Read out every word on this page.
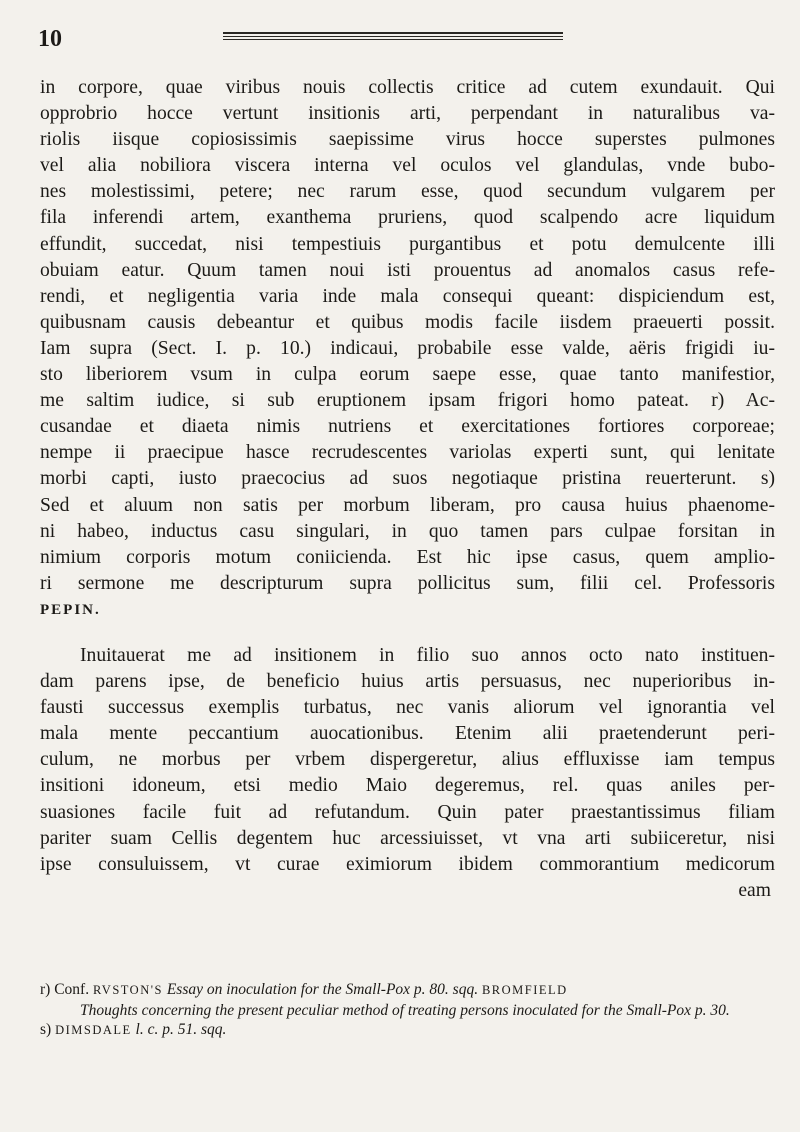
10

in corpore, quae viribus nouis collectis critice ad cutem exundauit. Qui
opprobrio hocce vertunt insitionis arti, perpendant in naturalibus va-
riolis iisque copiosissimis saepissime virus hocce superstes pulmones
vel alia nobiliora viscera interna vel oculos vel glandulas, vnde bubo-
nes molestissimi, petere; nec rarum esse, quod secundum vulgarem per
fila inferendi artem, exanthema pruriens, quod scalpendo acre liquidum
effundit, succedat, nisi tempestiuis purgantibus et potu demulcente illi
obuiam eatur. Quum tamen noui isti prouentus ad anomalos casus refe-
rendi, et negligentia varia inde mala consequi queant: dispiciendum est,
quibusnam causis debeantur et quibus modis facile iisdem praeuerti possit.
Iam supra (Sect. I. p. 10.) indicaui, probabile esse valde, aëris frigidi iu-
sto liberiorem vsum in culpa eorum saepe esse, quae tanto manifestior,
me saltim iudice, si sub eruptionem ipsam frigori homo pateat. r) Ac-
cusandae et diaeta nimis nutriens et exercitationes fortiores corporeae;
nempe ii praecipue hasce recrudescentes variolas experti sunt, qui lenitate
morbi capti, iusto praecocius ad suos negotiaque pristina reuerterunt. s)
Sed et aluum non satis per morbum liberam, pro causa huius phaenome-
ni habeo, inductus casu singulari, in quo tamen pars culpae forsitan in
nimium corporis motum coniicienda. Est hic ipse casus, quem amplio-
ri sermone me descripturum supra pollicitus sum, filii cel. Professoris
PEPIN.

Inuitauerat me ad insitionem in filio suo annos octo nato instituen-
dam parens ipse, de beneficio huius artis persuasus, nec nuperioribus in-
fausti successus exemplis turbatus, nec vanis aliorum vel ignorantia vel
mala mente peccantium auocationibus. Etenim alii praetenderunt peri-
culum, ne morbus per vrbem dispergeretur, alius effluxisse iam tempus
insitioni idoneum, etsi medio Maio degeremus, rel. quas aniles per-
suasiones facile fuit ad refutandum. Quin pater praestantissimus filiam
pariter suam Cellis degentem huc arcessiuisset, vt vna arti subiiceretur, nisi
ipse consuluissem, vt curae eximiorum ibidem commorantium medicorum
eam

r) Conf. RVSTON'S Essay on inoculation for the Small-Pox p. 80. sqq. BROMFIELD
Thoughts concerning the present peculiar method of treating persons inoculated for the Small-Pox p. 30.
s) DIMSDALE l. c. p. 51. sqq.
